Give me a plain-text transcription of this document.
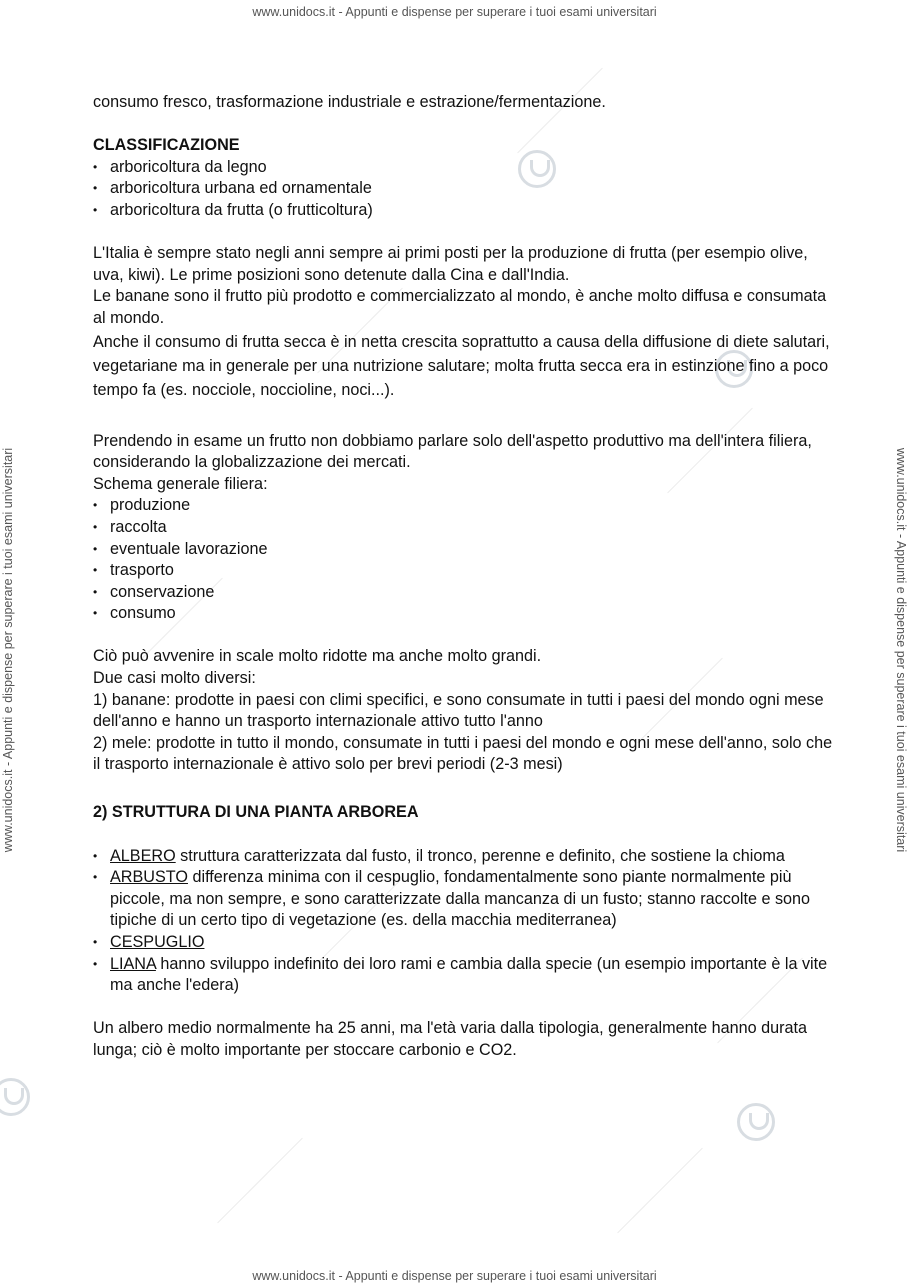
www.unidocs.it - Appunti e dispense per superare i tuoi esami universitari
www.unidocs.it - Appunti e dispense per superare i tuoi esami universitari
www.unidocs.it - Appunti e dispense per superare i tuoi esami universitari	www.unidocs.it - Appunti e dispense per superare i tuoi esami universitari

consumo fresco, trasformazione industriale e estrazione/fermentazione.

CLASSIFICAZIONE
• arboricoltura da legno
• arboricoltura urbana ed ornamentale
• arboricoltura da frutta (o frutticoltura)

L'Italia è sempre stato negli anni sempre ai primi posti per la produzione di frutta (per esempio olive, uva, kiwi). Le prime posizioni sono detenute dalla Cina e dall'India.

Le banane sono il frutto più prodotto e commercializzato al mondo, è anche molto diffusa e consumata al mondo.

Anche il consumo di frutta secca è in netta crescita soprattutto a causa della diffusione di diete salutari, vegetariane ma in generale per una nutrizione salutare; molta frutta secca era in estinzione fino a poco tempo fa (es. nocciole, noccioline, noci...).

Prendendo in esame un frutto non dobbiamo parlare solo dell'aspetto produttivo ma dell'intera filiera, considerando la globalizzazione dei mercati.

Schema generale filiera:

• produzione
• raccolta
• eventuale lavorazione
• trasporto
• conservazione
• consumo

Ciò può avvenire in scale molto ridotte ma anche molto grandi.

Due casi molto diversi:

1) banane: prodotte in paesi con climi specifici, e sono consumate in tutti i paesi del mondo ogni mese dell'anno e hanno un trasporto internazionale attivo tutto l'anno

2) mele: prodotte in tutto il mondo, consumate in tutti i paesi del mondo e ogni mese dell'anno, solo che il trasporto internazionale è attivo solo per brevi periodi (2-3 mesi)

2) STRUTTURA DI UNA PIANTA ARBOREA
• ALBERO struttura caratterizzata dal fusto, il tronco, perenne e definito, che sostiene la chioma
• ARBUSTO differenza minima con il cespuglio, fondamentalmente sono piante normalmente più piccole, ma non sempre, e sono caratterizzate dalla mancanza di un fusto; stanno raccolte e sono tipiche di un certo tipo di vegetazione (es. della macchia mediterranea)
• CESPUGLIO
• LIANA hanno sviluppo indefinito dei loro rami e cambia dalla specie (un esempio importante è la vite ma anche l'edera)

Un albero medio normalmente ha 25 anni, ma l'età varia dalla tipologia, generalmente hanno durata lunga; ciò è molto importante per stoccare carbonio e CO2.
